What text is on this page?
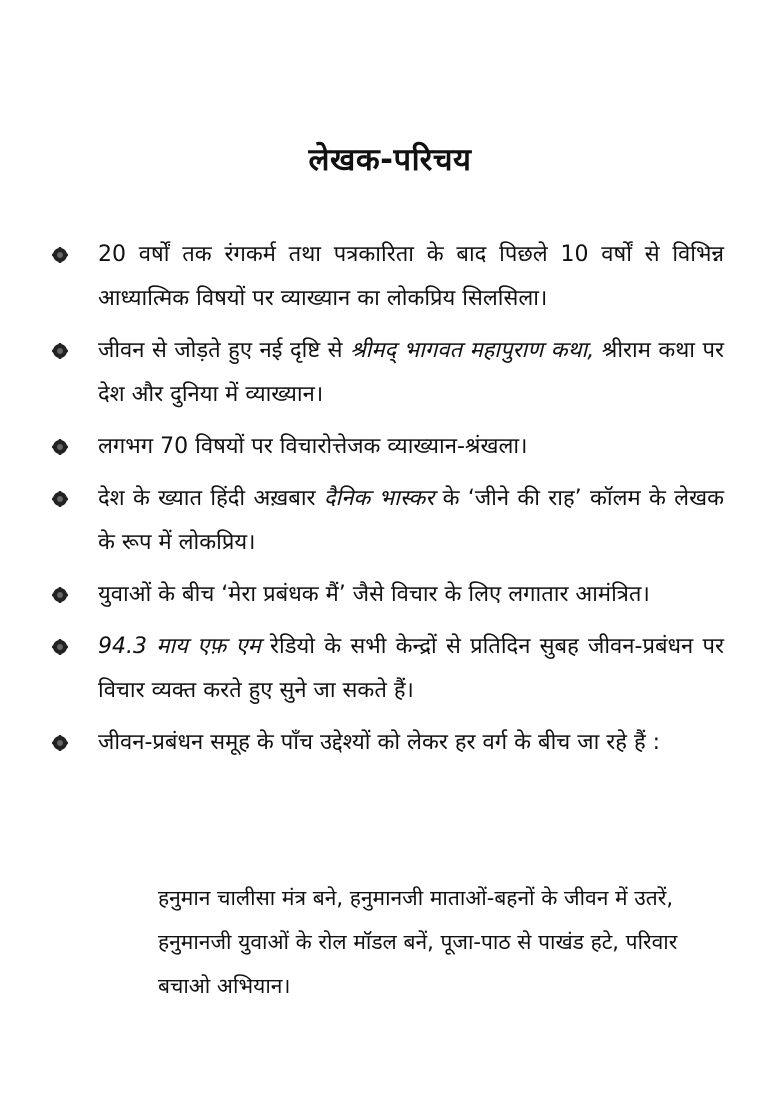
लेखक-परिचय
20 वर्षों तक रंगकर्म तथा पत्रकारिता के बाद पिछले 10 वर्षों से विभिन्न आध्यात्मिक विषयों पर व्याख्यान का लोकप्रिय सिलसिला।
जीवन से जोड़ते हुए नई दृष्टि से श्रीमद् भागवत महापुराण कथा, श्रीराम कथा पर देश और दुनिया में व्याख्यान।
लगभग 70 विषयों पर विचारोत्तेजक व्याख्यान-श्रंखला।
देश के ख्यात हिंदी अख़बार दैनिक भास्कर के ‘जीने की राह’ कॉलम के लेखक के रूप में लोकप्रिय।
युवाओं के बीच ‘मेरा प्रबंधक मैं’ जैसे विचार के लिए लगातार आमंत्रित।
94.3 माय एफ़ एम रेडियो के सभी केन्द्रों से प्रतिदिन सुबह जीवन-प्रबंधन पर विचार व्यक्त करते हुए सुने जा सकते हैं।
जीवन-प्रबंधन समूह के पाँच उद्देश्यों को लेकर हर वर्ग के बीच जा रहे हैं :
हनुमान चालीसा मंत्र बने, हनुमानजी माताओं-बहनों के जीवन में उतरें, हनुमानजी युवाओं के रोल मॉडल बनें, पूजा-पाठ से पाखंड हटे, परिवार बचाओ अभियान।
